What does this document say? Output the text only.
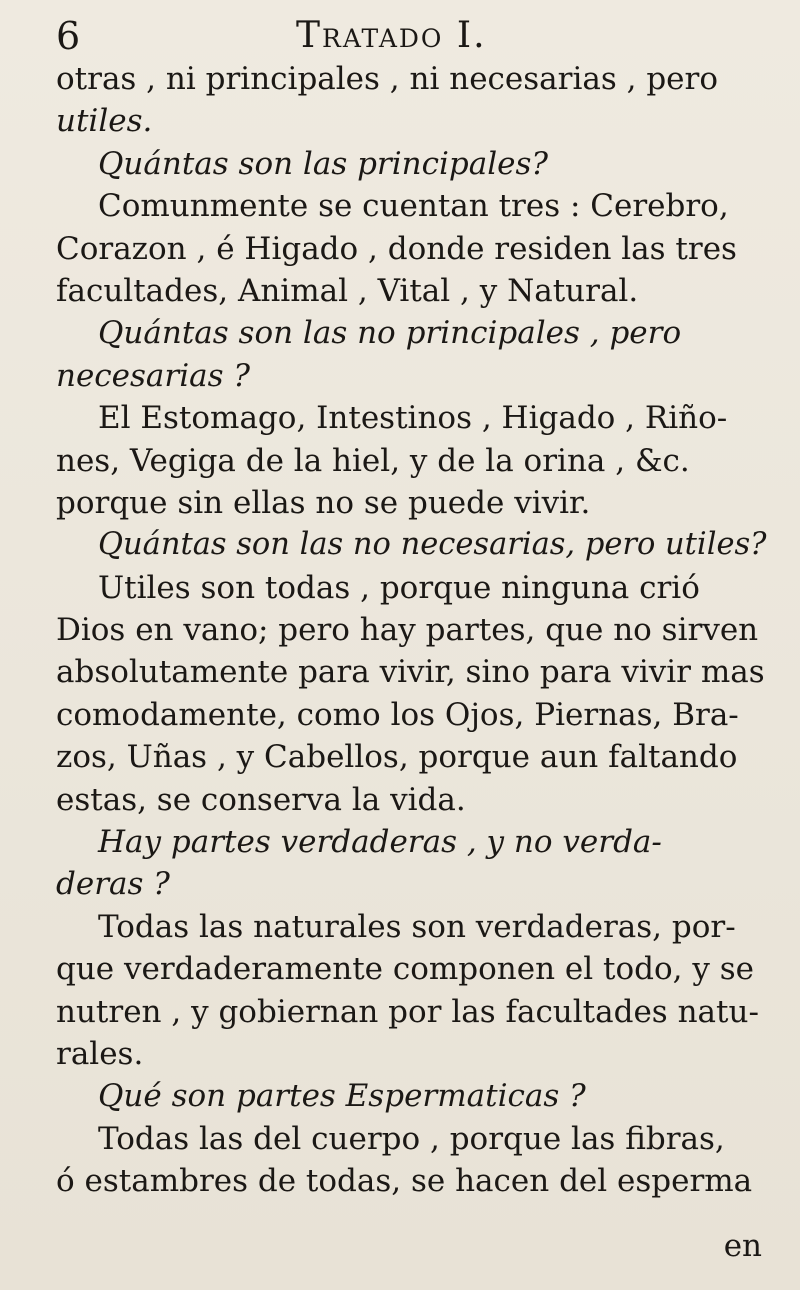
6	Tratado I.
otras , ni principales , ni necesarias , pero
utiles.
Quántas son las principales?
Comunmente se cuentan tres : Cerebro,
Corazon , é Higado , donde residen las tres
facultades, Animal , Vital , y Natural.
Quántas son las no principales , pero
necesarias ?
El Estomago, Intestinos , Higado , Riño-
nes, Vegiga de la hiel, y de la orina , &c.
porque sin ellas no se puede vivir.
Quántas son las no necesarias, pero utiles?
Utiles son todas , porque ninguna crió
Dios en vano; pero hay partes, que no sirven
absolutamente para vivir, sino para vivir mas
comodamente, como los Ojos, Piernas, Bra-
zos, Uñas , y Cabellos, porque aun faltando
estas, se conserva la vida.
Hay partes verdaderas , y no verda-
deras ?
Todas las naturales son verdaderas, por-
que verdaderamente componen el todo, y se
nutren , y gobiernan por las facultades natu-
rales.
Qué son partes Espermaticas ?
Todas las del cuerpo , porque las fibras,
ó estambres de todas, se hacen del esperma
en
